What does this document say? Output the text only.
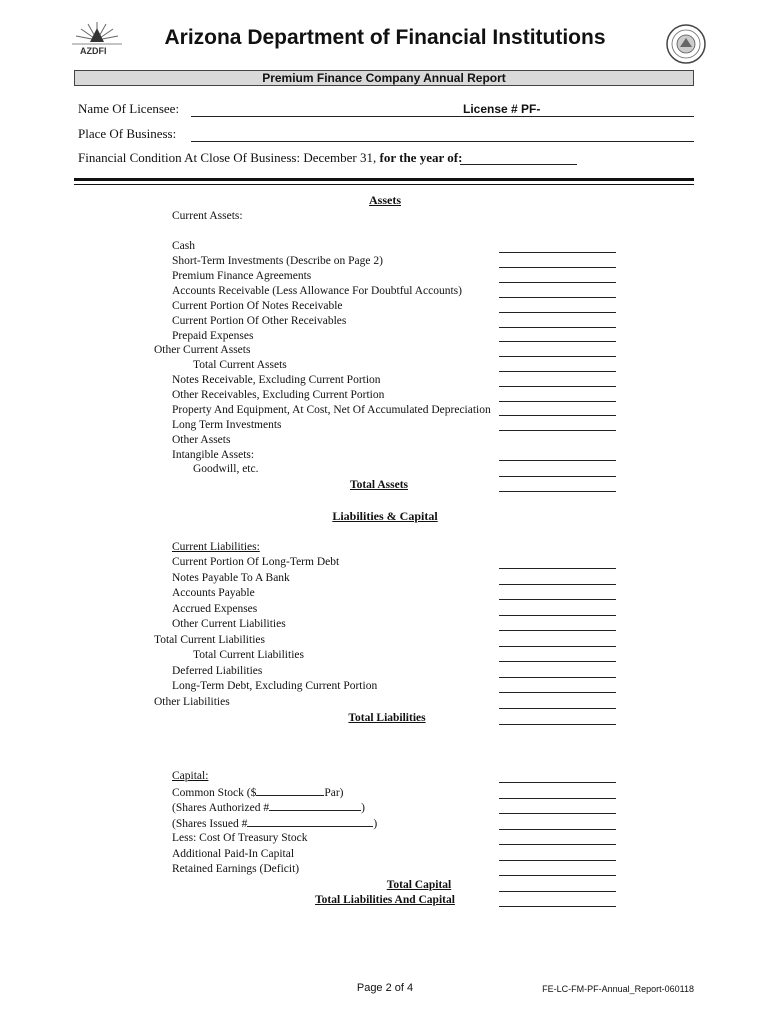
AZDFI
Arizona Department of Financial Institutions
Premium Finance Company Annual Report
Name Of Licensee:	License # PF-
Place Of Business:
Financial Condition At Close Of Business: December 31, for the year of:
Assets
Current Assets:
Cash
Short-Term Investments (Describe on Page 2)
Premium Finance Agreements
Accounts Receivable (Less Allowance For Doubtful Accounts)
Current Portion Of Notes Receivable
Current Portion Of Other Receivables
Prepaid Expenses
Other Current Assets
Total Current Assets
Notes Receivable, Excluding Current Portion
Other Receivables, Excluding Current Portion
Property And Equipment, At Cost, Net Of Accumulated Depreciation
Long Term Investments
Other Assets
Intangible Assets:
Goodwill, etc.
Total Assets
Liabilities & Capital
Current Liabilities:
Current Portion Of Long-Term Debt
Notes Payable To A Bank
Accounts Payable
Accrued Expenses
Other Current Liabilities
Total Current Liabilities
Total Current Liabilities
Deferred Liabilities
Long-Term Debt, Excluding Current Portion
Other Liabilities
Total Liabilities
Capital:
Common Stock ($	Par)
(Shares Authorized #	)
(Shares Issued #	)
Less: Cost Of Treasury Stock
Additional Paid-In Capital
Retained Earnings (Deficit)
Total Capital
Total Liabilities And Capital
Page 2 of 4	FE-LC-FM-PF-Annual_Report-060118
